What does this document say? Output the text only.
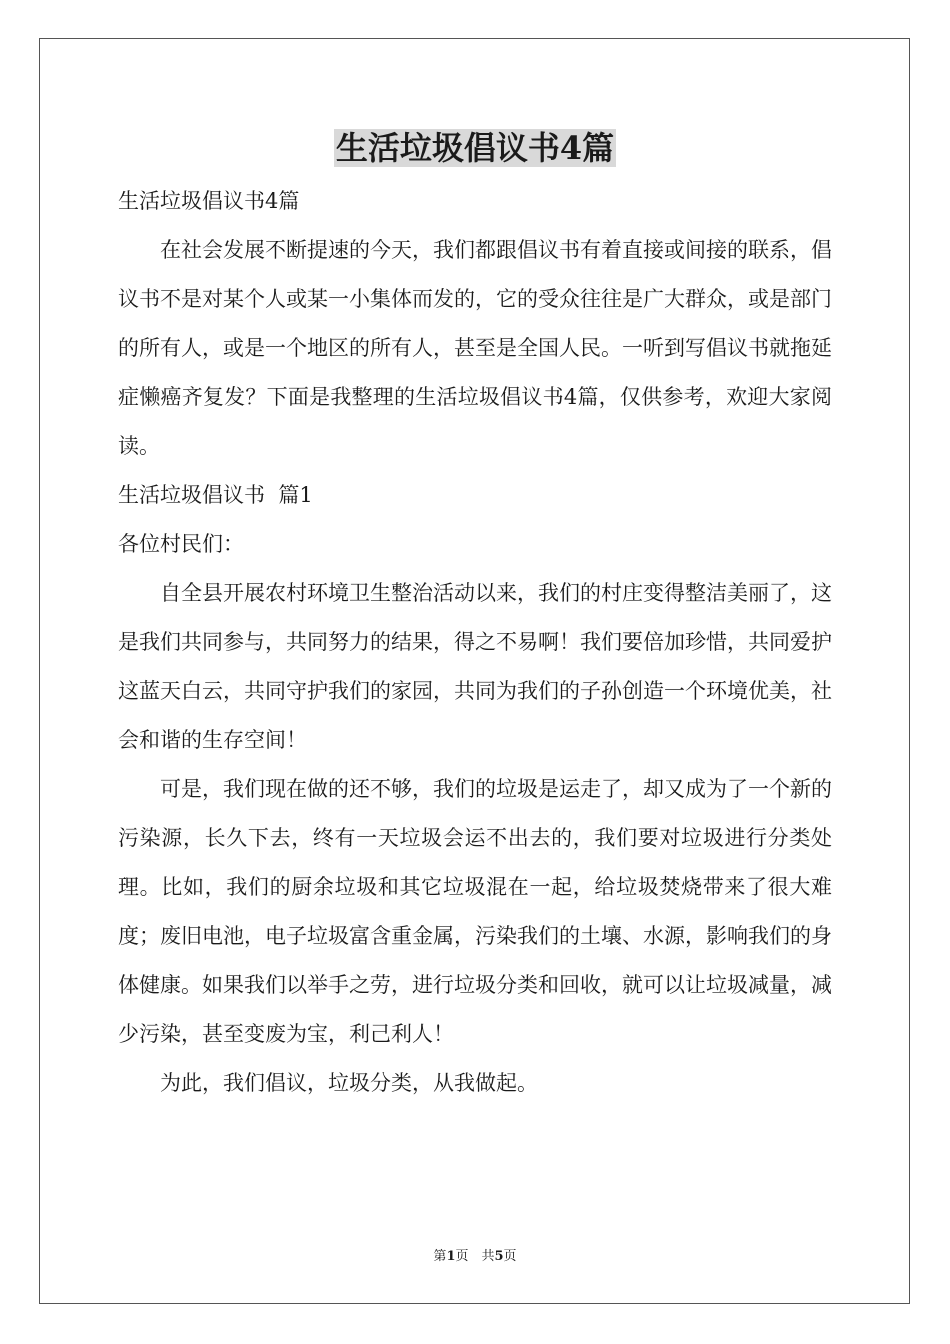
生活垃圾倡议书4篇

生活垃圾倡议书4篇

在社会发展不断提速的今天，我们都跟倡议书有着直接或间接的联系，倡议书不是对某个人或某一小集体而发的，它的受众往往是广大群众，或是部门的所有人，或是一个地区的所有人，甚至是全国人民。一听到写倡议书就拖延症懒癌齐复发？下面是我整理的生活垃圾倡议书4篇，仅供参考，欢迎大家阅读。

生活垃圾倡议书  篇1

各位村民们：

自全县开展农村环境卫生整治活动以来，我们的村庄变得整洁美丽了，这是我们共同参与，共同努力的结果，得之不易啊！我们要倍加珍惜，共同爱护这蓝天白云，共同守护我们的家园，共同为我们的子孙创造一个环境优美，社会和谐的生存空间！

可是，我们现在做的还不够，我们的垃圾是运走了，却又成为了一个新的污染源，长久下去，终有一天垃圾会运不出去的，我们要对垃圾进行分类处理。比如，我们的厨余垃圾和其它垃圾混在一起，给垃圾焚烧带来了很大难度；废旧电池，电子垃圾富含重金属，污染我们的土壤、水源，影响我们的身体健康。如果我们以举手之劳，进行垃圾分类和回收，就可以让垃圾减量，减少污染，甚至变废为宝，利己利人！

为此，我们倡议，垃圾分类，从我做起。

第1页　共5页
